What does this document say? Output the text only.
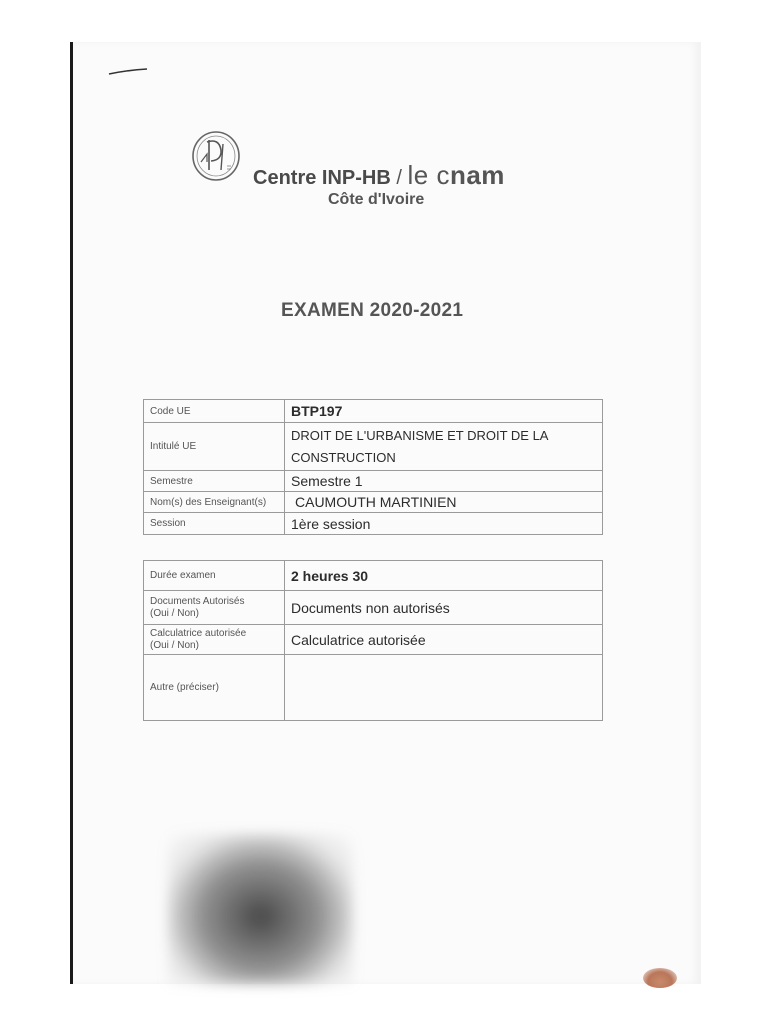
Centre INP-HB / le cnam
Côte d'Ivoire
EXAMEN 2020-2021
Code UE	BTP197
Intitulé UE	DROIT DE L'URBANISME ET DROIT DE LA CONSTRUCTION
Semestre	Semestre 1
Nom(s) des Enseignant(s)	CAUMOUTH MARTINIEN
Session	1ère session
Durée examen	2 heures 30

Documents Autorisés
(Oui / Non)	Documents non autorisés

Calculatrice autorisée
(Oui / Non)	Calculatrice autorisée
Autre (préciser)	
